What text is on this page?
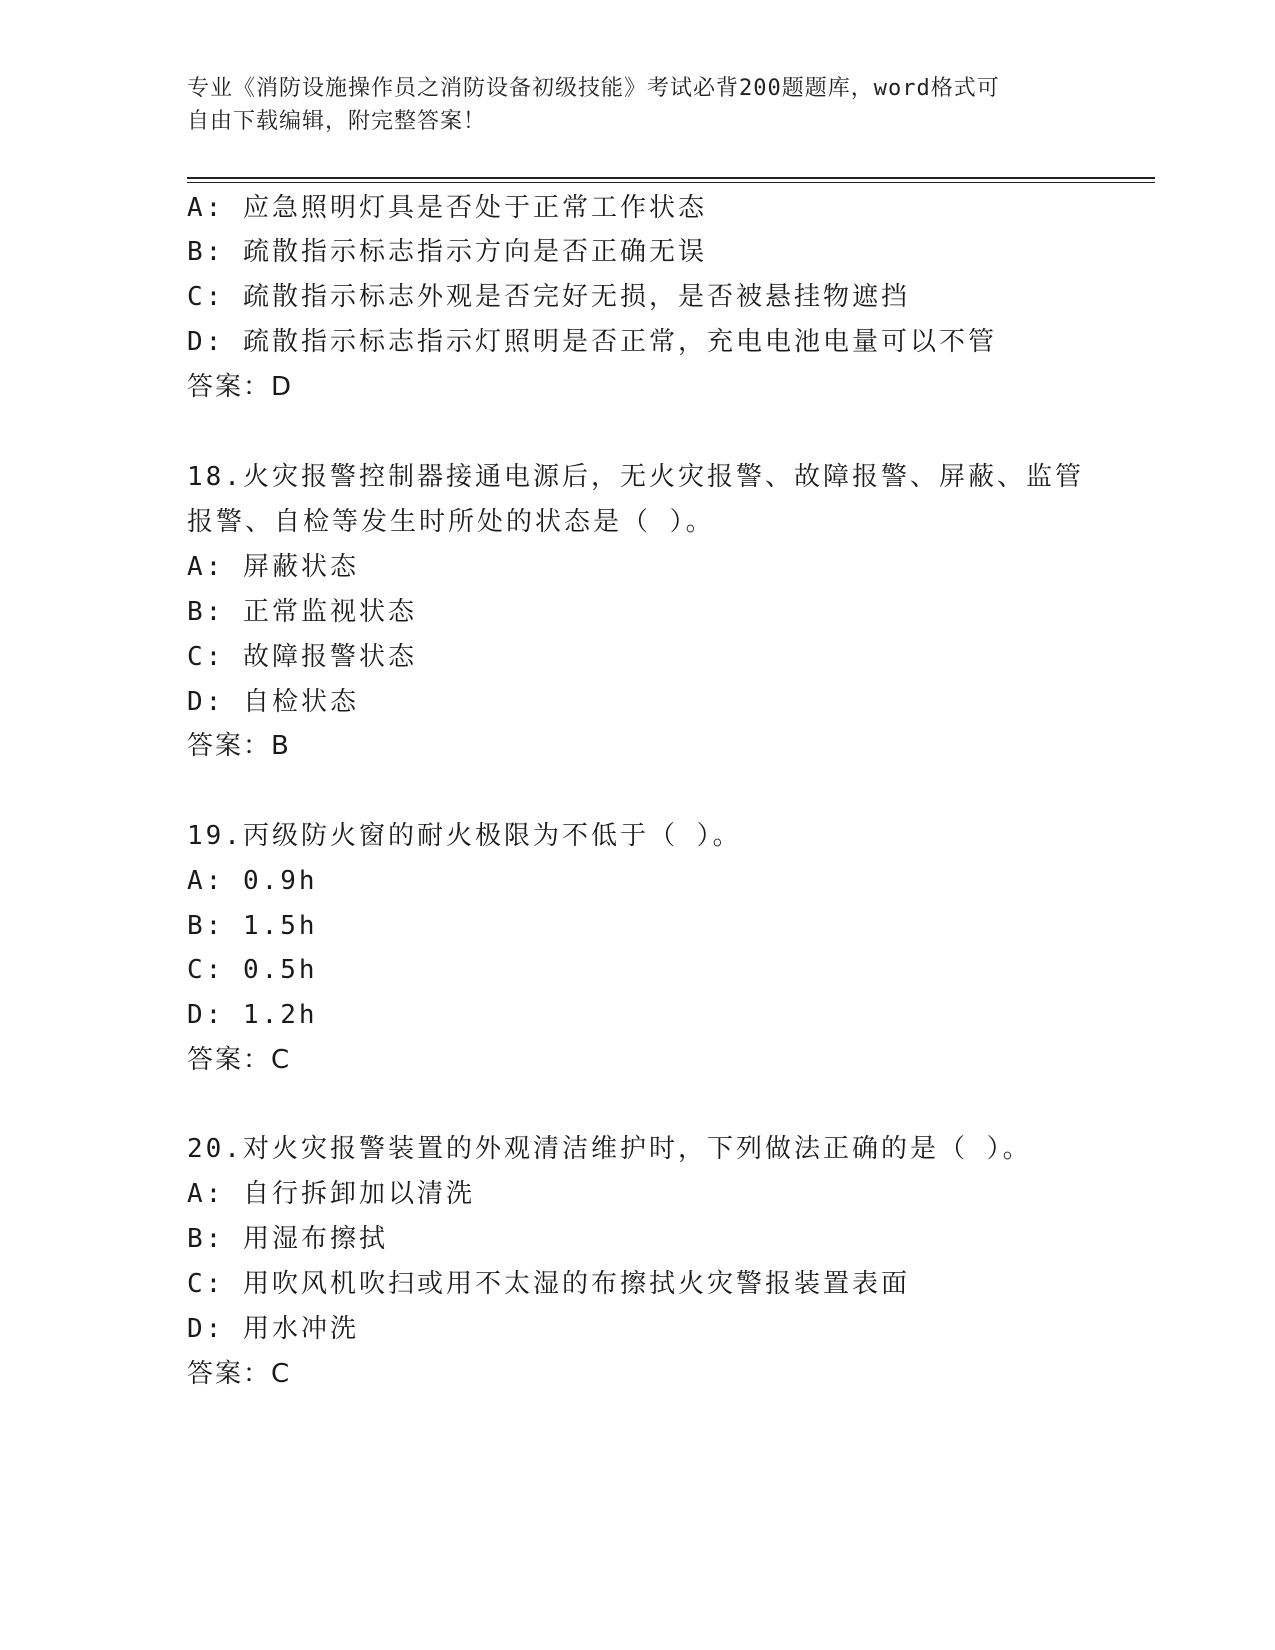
专业《消防设施操作员之消防设备初级技能》考试必背200题题库，word格式可
自由下载编辑，附完整答案！
A: 应急照明灯具是否处于正常工作状态
B: 疏散指示标志指示方向是否正确无误
C: 疏散指示标志外观是否完好无损，是否被悬挂物遮挡
D: 疏散指示标志指示灯照明是否正常，充电电池电量可以不管
答案：D
18.火灾报警控制器接通电源后，无火灾报警、故障报警、屏蔽、监管
报警、自检等发生时所处的状态是（ ）。
A: 屏蔽状态
B: 正常监视状态
C: 故障报警状态
D: 自检状态
答案：B
19.丙级防火窗的耐火极限为不低于（ ）。
A: 0.9h
B: 1.5h
C: 0.5h
D: 1.2h
答案：C
20.对火灾报警装置的外观清洁维护时，下列做法正确的是（ ）。
A: 自行拆卸加以清洗
B: 用湿布擦拭
C: 用吹风机吹扫或用不太湿的布擦拭火灾警报装置表面
D: 用水冲洗
答案：C
